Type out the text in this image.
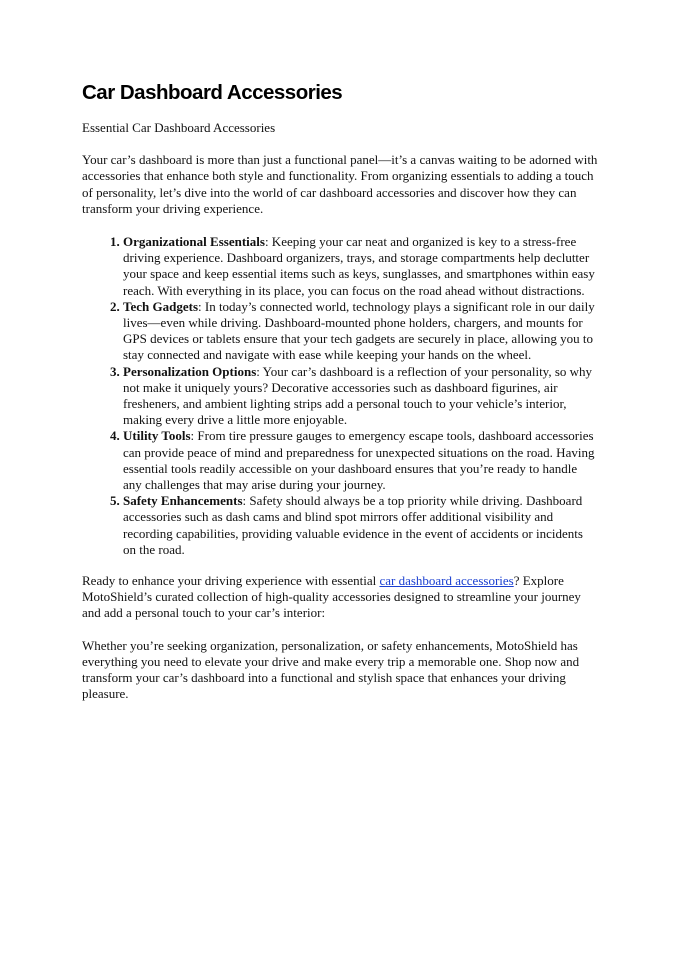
Car Dashboard Accessories

Essential Car Dashboard Accessories

Your car’s dashboard is more than just a functional panel—it’s a canvas waiting to be adorned with accessories that enhance both style and functionality. From organizing essentials to adding a touch of personality, let’s dive into the world of car dashboard accessories and discover how they can transform your driving experience.

1. Organizational Essentials: Keeping your car neat and organized is key to a stress-free driving experience. Dashboard organizers, trays, and storage compartments help declutter your space and keep essential items such as keys, sunglasses, and smartphones within easy reach. With everything in its place, you can focus on the road ahead without distractions.
2. Tech Gadgets: In today’s connected world, technology plays a significant role in our daily lives—even while driving. Dashboard-mounted phone holders, chargers, and mounts for GPS devices or tablets ensure that your tech gadgets are securely in place, allowing you to stay connected and navigate with ease while keeping your hands on the wheel.
3. Personalization Options: Your car’s dashboard is a reflection of your personality, so why not make it uniquely yours? Decorative accessories such as dashboard figurines, air fresheners, and ambient lighting strips add a personal touch to your vehicle’s interior, making every drive a little more enjoyable.
4. Utility Tools: From tire pressure gauges to emergency escape tools, dashboard accessories can provide peace of mind and preparedness for unexpected situations on the road. Having essential tools readily accessible on your dashboard ensures that you’re ready to handle any challenges that may arise during your journey.
5. Safety Enhancements: Safety should always be a top priority while driving. Dashboard accessories such as dash cams and blind spot mirrors offer additional visibility and recording capabilities, providing valuable evidence in the event of accidents or incidents on the road.

Ready to enhance your driving experience with essential car dashboard accessories? Explore MotoShield’s curated collection of high-quality accessories designed to streamline your journey and add a personal touch to your car’s interior:

Whether you’re seeking organization, personalization, or safety enhancements, MotoShield has everything you need to elevate your drive and make every trip a memorable one. Shop now and transform your car’s dashboard into a functional and stylish space that enhances your driving pleasure.
